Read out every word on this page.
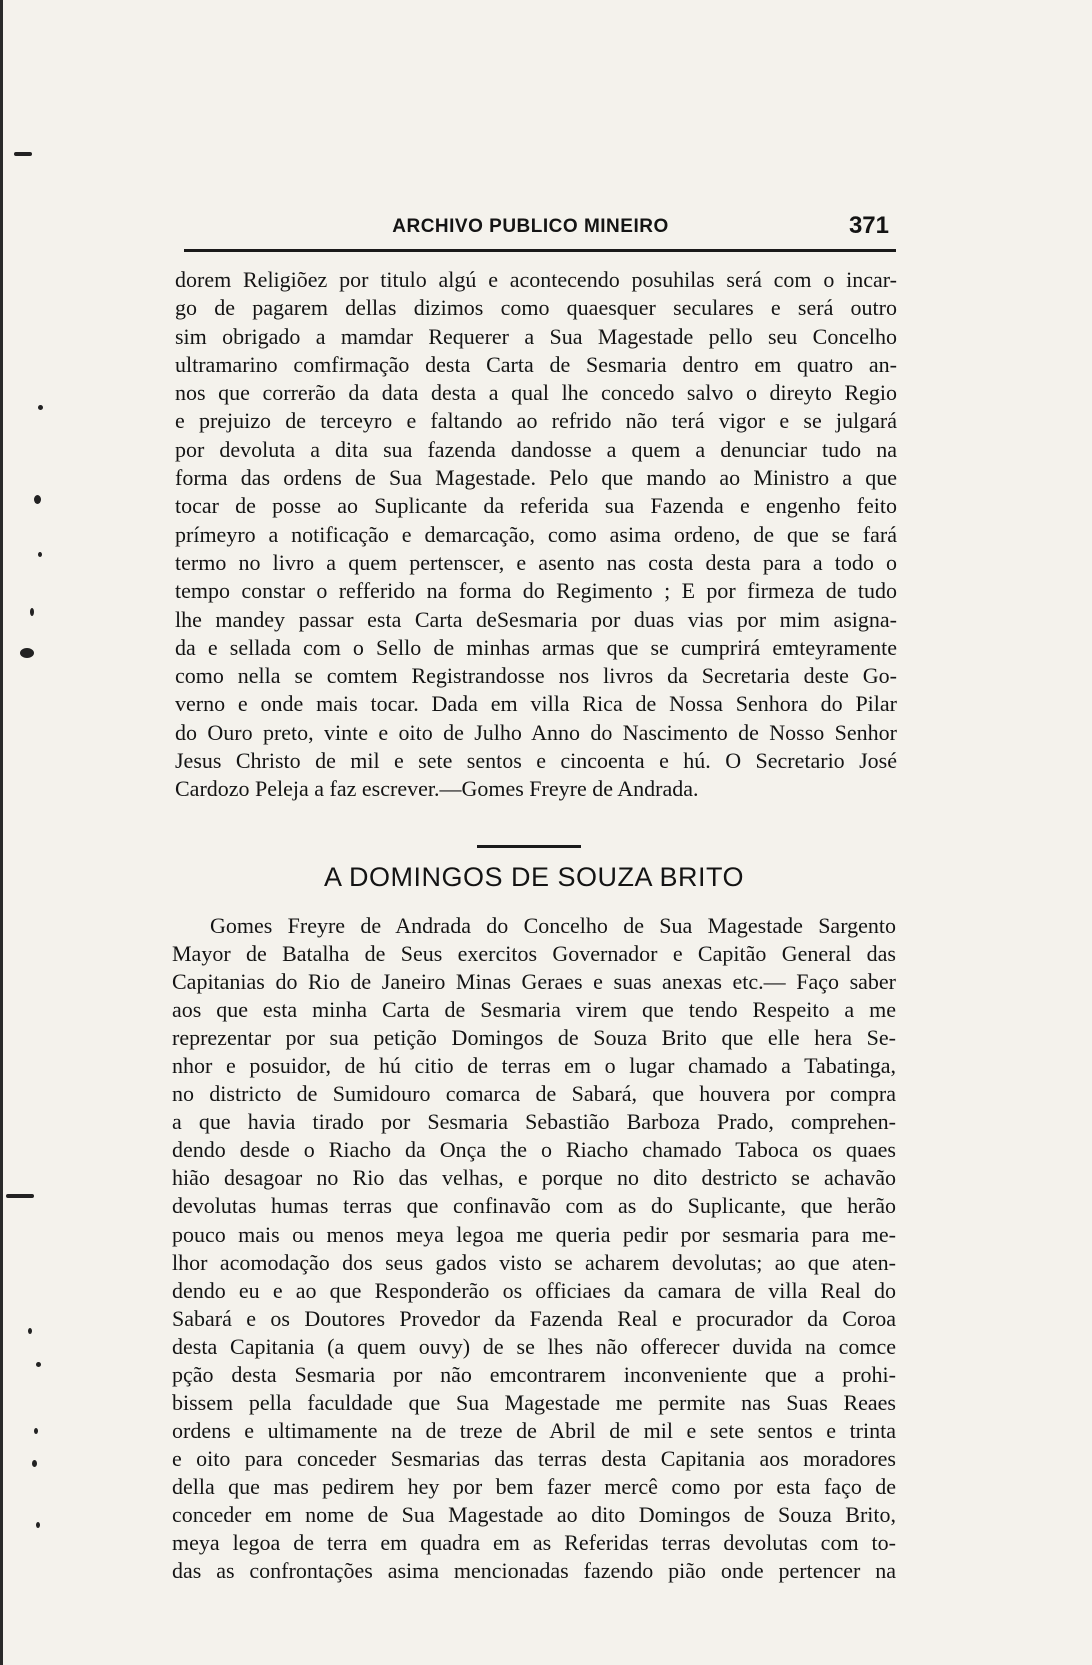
ARCHIVO PUBLICO MINEIRO	371
dorem Religiõez por titulo algú e acontecendo posuhilas será com o incar-
go de pagarem dellas dizimos como quaesquer seculares e será outro
sim obrigado a mamdar Requerer a Sua Magestade pello seu Concelho
ultramarino comfirmação desta Carta de Sesmaria dentro em quatro an-
nos que correrão da data desta a qual lhe concedo salvo o direyto Regio
e prejuizo de terceyro e faltando ao refrido não terá vigor e se julgará
por devoluta a dita sua fazenda dandosse a quem a denunciar tudo na
forma das ordens de Sua Magestade. Pelo que mando ao Ministro a que
tocar de posse ao Suplicante da referida sua Fazenda e engenho feito
prímeyro a notificação e demarcação, como asima ordeno, de que se fará
termo no livro a quem pertenscer, e asento nas costa desta para a todo o
tempo constar o refferido na forma do Regimento ; E por firmeza de tudo
lhe mandey passar esta Carta deSesmaria por duas vias por mim asigna-
da e sellada com o Sello de minhas armas que se cumprirá emteyramente
como nella se comtem Registrandosse nos livros da Secretaria deste Go-
verno e onde mais tocar. Dada em villa Rica de Nossa Senhora do Pilar
do Ouro preto, vinte e oito de Julho Anno do Nascimento de Nosso Senhor
Jesus Christo de mil e sete sentos e cincoenta e hú. O Secretario José
Cardozo Peleja a faz escrever.—Gomes Freyre de Andrada.
A DOMINGOS DE SOUZA BRITO
Gomes Freyre de Andrada do Concelho de Sua Magestade Sargento
Mayor de Batalha de Seus exercitos Governador e Capitão General das
Capitanias do Rio de Janeiro Minas Geraes e suas anexas etc.— Faço saber
aos que esta minha Carta de Sesmaria virem que tendo Respeito a me
reprezentar por sua petição Domingos de Souza Brito que elle hera Se-
nhor e posuidor, de hú citio de terras em o lugar chamado a Tabatinga,
no districto de Sumidouro comarca de Sabará, que houvera por compra
a que havia tirado por Sesmaria Sebastião Barboza Prado, comprehen-
dendo desde o Riacho da Onça the o Riacho chamado Taboca os quaes
hião desagoar no Rio das velhas, e porque no dito destricto se achavão
devolutas humas terras que confinavão com as do Suplicante, que herão
pouco mais ou menos meya legoa me queria pedir por sesmaria para me-
lhor acomodação dos seus gados visto se acharem devolutas; ao que aten-
dendo eu e ao que Responderão os officiaes da camara de villa Real do
Sabará e os Doutores Provedor da Fazenda Real e procurador da Coroa
desta Capitania (a quem ouvy) de se lhes não offerecer duvida na comce
pção desta Sesmaria por não emcontrarem inconveniente que a prohi-
bissem pella faculdade que Sua Magestade me permite nas Suas Reaes
ordens e ultimamente na de treze de Abril de mil e sete sentos e trinta
e oito para conceder Sesmarias das terras desta Capitania aos moradores
della que mas pedirem hey por bem fazer mercê como por esta faço de
conceder em nome de Sua Magestade ao dito Domingos de Souza Brito,
meya legoa de terra em quadra em as Referidas terras devolutas com to-
das as confrontações asima mencionadas fazendo pião onde pertencer na
